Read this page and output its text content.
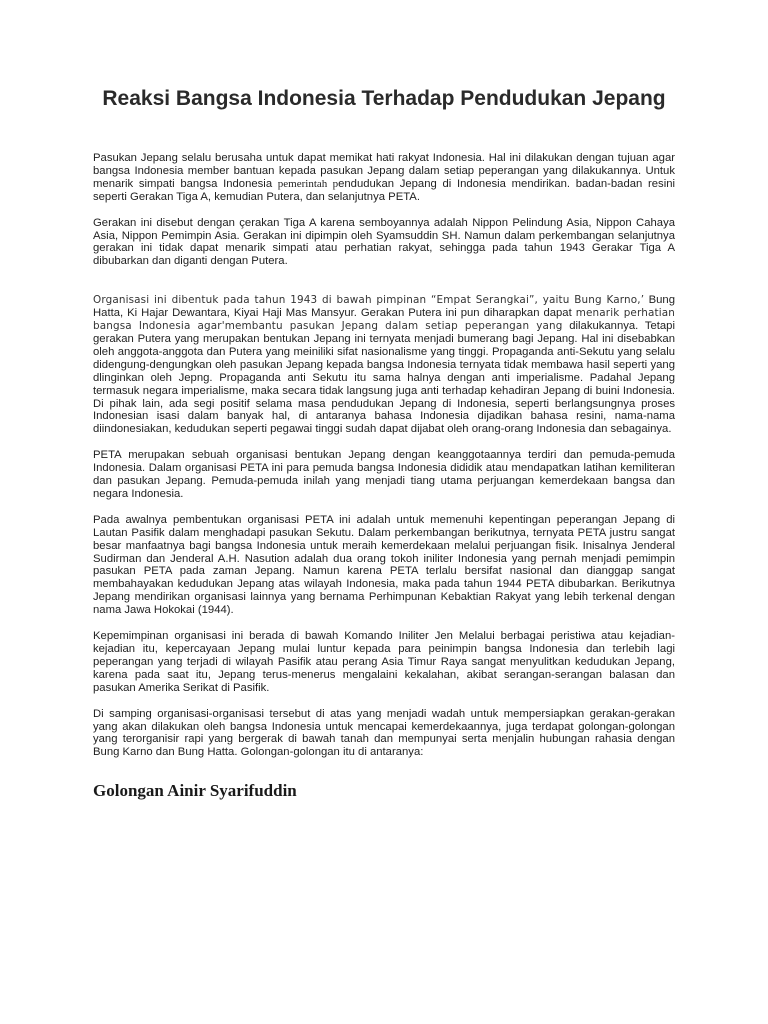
Reaksi Bangsa Indonesia Terhadap Pendudukan Jepang

Pasukan Jepang selalu berusaha untuk dapat memikat hati rakyat Indonesia. Hal ini dilakukan dengan tujuan agar bangsa Indonesia member bantuan kepada pasukan Jepang dalam setiap peperangan yang dilakukannya. Untuk menarik simpati bangsa Indonesia pemerintah pendudukan Jepang di Indonesia mendirikan. badan-badan resini seperti Gerakan Tiga A, kemudian Putera, dan selanjutnya PETA.

Gerakan ini disebut dengan çerakan Tiga A karena semboyannya adalah Nippon Pelindung Asia, Nippon Cahaya Asia, Nippon Pemimpin Asia. Gerakan ini dipimpin oleh Syamsuddin SH. Namun dalam perkembangan selanjutnya gerakan ini tidak dapat menarik simpati atau perhatian rakyat, sehingga pada tahun 1943 Gerakar Tiga A dibubarkan dan diganti dengan Putera.

Organisasi ini dibentuk pada tahun 1943 di bawah pimpinan “Empat Serangkai”, yaitu Bung Karno,’ Bung Hatta, Ki Hajar Dewantara, Kiyai Haji Mas Mansyur. Gerakan Putera ini pun diharapkan dapat menarik perhatian bangsa Indonesia agar'membantu pasukan Jepang dalam setiap peperangan yang dilakukannya. Tetapi gerakan Putera yang merupakan bentukan Jepang ini ternyata menjadi bumerang bagi Jepang. Hal ini disebabkan oleh anggota-anggota dan Putera yang meiniliki sifat nasionalisme yang tinggi. Propaganda anti-Sekutu yang selalu didengung-dengungkan oleh pasukan Jepang kepada bangsa Indonesia ternyata tidak membawa hasil seperti yang dlinginkan oleh Jepng. Propaganda anti Sekutu itu sama halnya dengan anti imperialisme. Padahal Jepang termasuk negara imperialisme, maka secara tidak langsung juga anti terhadap kehadiran Jepang di buini Indonesia. Di pihak lain, ada segi positif selama masa pendudukan Jepang di Indonesia, seperti berlangsungnya proses Indonesian isasi dalam banyak hal, di antaranya bahasa Indonesia dijadikan bahasa resini, nama-nama diindonesiakan, kedudukan seperti pegawai tinggi sudah dapat dijabat oleh orang-orang Indonesia dan sebagainya.

PETA merupakan sebuah organisasi bentukan Jepang dengan keanggotaannya terdiri dan pemuda-pemuda Indonesia. Dalam organisasi PETA ini para pemuda bangsa Indonesia dididik atau mendapatkan latihan kemiliteran dan pasukan Jepang. Pemuda-pemuda inilah yang menjadi tiang utama perjuangan kemerdekaan bangsa dan negara Indonesia.

Pada awalnya pembentukan organisasi PETA ini adalah untuk memenuhi kepentingan peperangan Jepang di Lautan Pasifik dalam menghadapi pasukan Sekutu. Dalam perkembangan berikutnya, ternyata PETA justru sangat besar manfaatnya bagi bangsa Indonesia untuk meraih kemerdekaan melalui perjuangan fisik. Inisalnya Jenderal Sudirman dan Jenderal A.H. Nasution adalah dua orang tokoh iniliter Indonesia yang pernah menjadi pemimpin pasukan PETA pada zaman Jepang. Namun karena PETA terlalu bersifat nasional dan dianggap sangat membahayakan kedudukan Jepang atas wilayah Indonesia, maka pada tahun 1944 PETA dibubarkan. Berikutnya Jepang mendirikan organisasi lainnya yang bernama Perhimpunan Kebaktian Rakyat yang lebih terkenal dengan nama Jawa Hokokai (1944).

Kepemimpinan organisasi ini berada di bawah Komando Iniliter Jen Melalui berbagai peristiwa atau kejadian-kejadian itu, kepercayaan Jepang mulai luntur kepada para peinimpin bangsa Indonesia dan terlebih lagi peperangan yang terjadi di wilayah Pasifik atau perang Asia Timur Raya sangat menyulitkan kedudukan Jepang, karena pada saat itu, Jepang terus-menerus mengalaini kekalahan, akibat serangan-serangan balasan dan pasukan Amerika Serikat di Pasifik.

Di samping organisasi-organisasi tersebut di atas yang menjadi wadah untuk mempersiapkan gerakan-gerakan yang akan dilakukan oleh bangsa Indonesia untuk mencapai kemerdekaannya, juga terdapat golongan-golongan yang terorganisir rapi yang bergerak di bawah tanah dan mempunyai serta menjalin hubungan rahasia dengan Bung Karno dan Bung Hatta. Golongan-golongan itu di antaranya:

Golongan Ainir Syarifuddin
